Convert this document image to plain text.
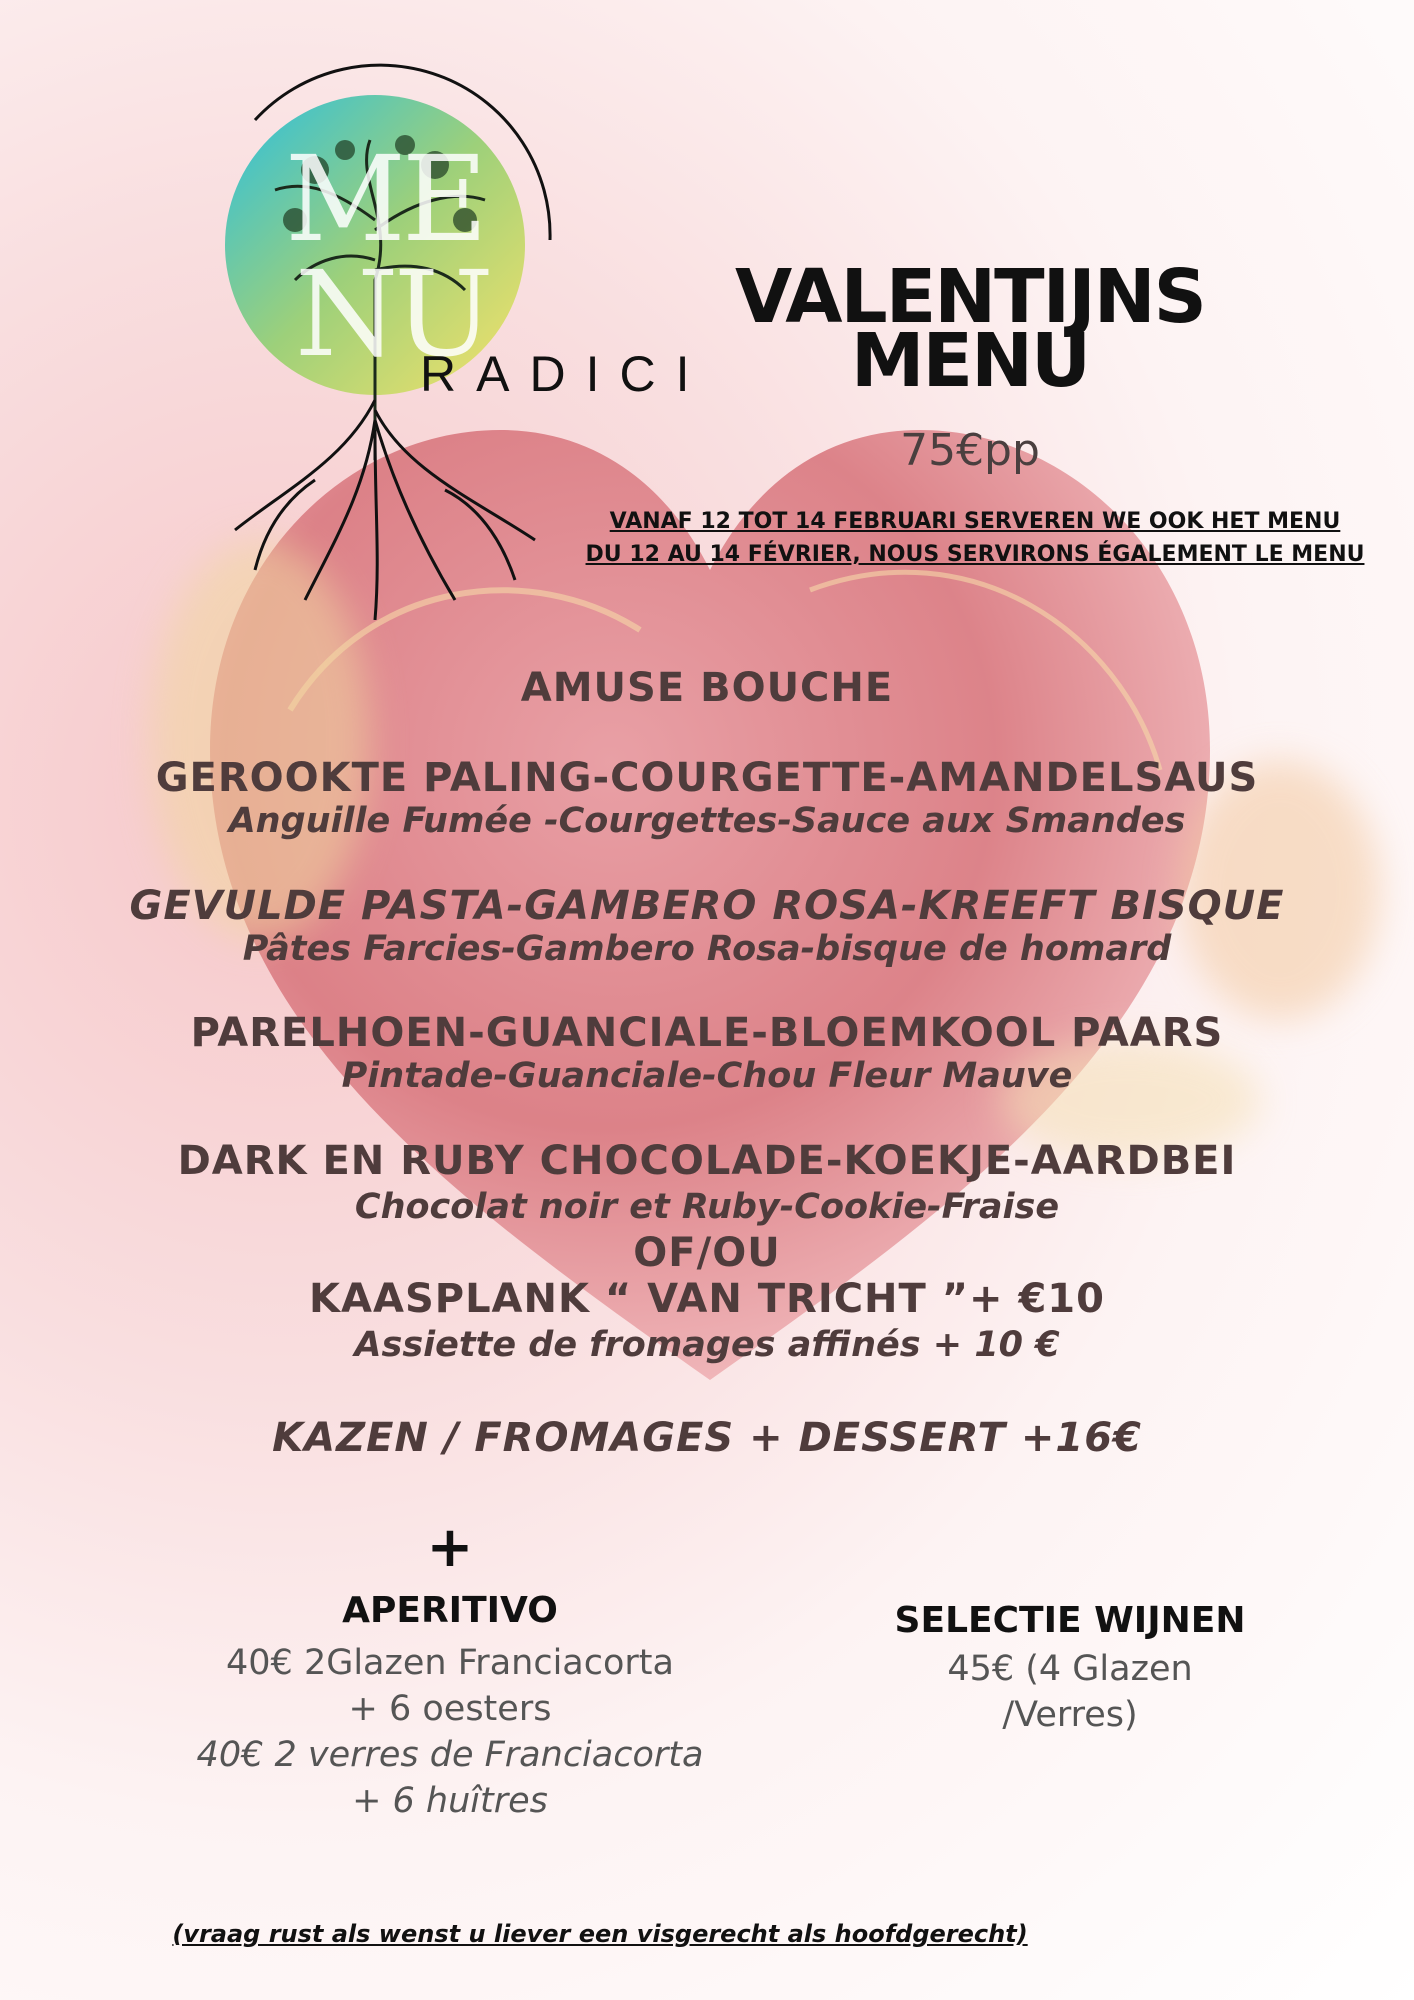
ME
NU
RADICI
VALENTIJNS
MENU
75€pp
VANAF 12 TOT 14 FEBRUARI SERVEREN WE OOK HET MENU
DU 12 AU 14 FÉVRIER, NOUS SERVIRONS ÉGALEMENT LE MENU
AMUSE BOUCHE
GEROOKTE PALING-COURGETTE-AMANDELSAUS
Anguille Fumée -Courgettes-Sauce aux Smandes
GEVULDE PASTA-GAMBERO ROSA-KREEFT BISQUE
Pâtes Farcies-Gambero Rosa-bisque de homard
PARELHOEN-GUANCIALE-BLOEMKOOL PAARS
Pintade-Guanciale-Chou Fleur Mauve
DARK EN RUBY CHOCOLADE-KOEKJE-AARDBEI
Chocolat noir et Ruby-Cookie-Fraise
OF/OU
KAASPLANK “ VAN TRICHT ”+ €10
Assiette de fromages affinés + 10 €
KAZEN / FROMAGES + DESSERT +16€
+
APERITIVO
40€ 2Glazen Franciacorta
+ 6 oesters
40€ 2 verres de Franciacorta
+ 6 huîtres
SELECTIE WIJNEN
45€ (4 Glazen
/Verres)
(vraag rust als wenst u liever een visgerecht als hoofdgerecht)
